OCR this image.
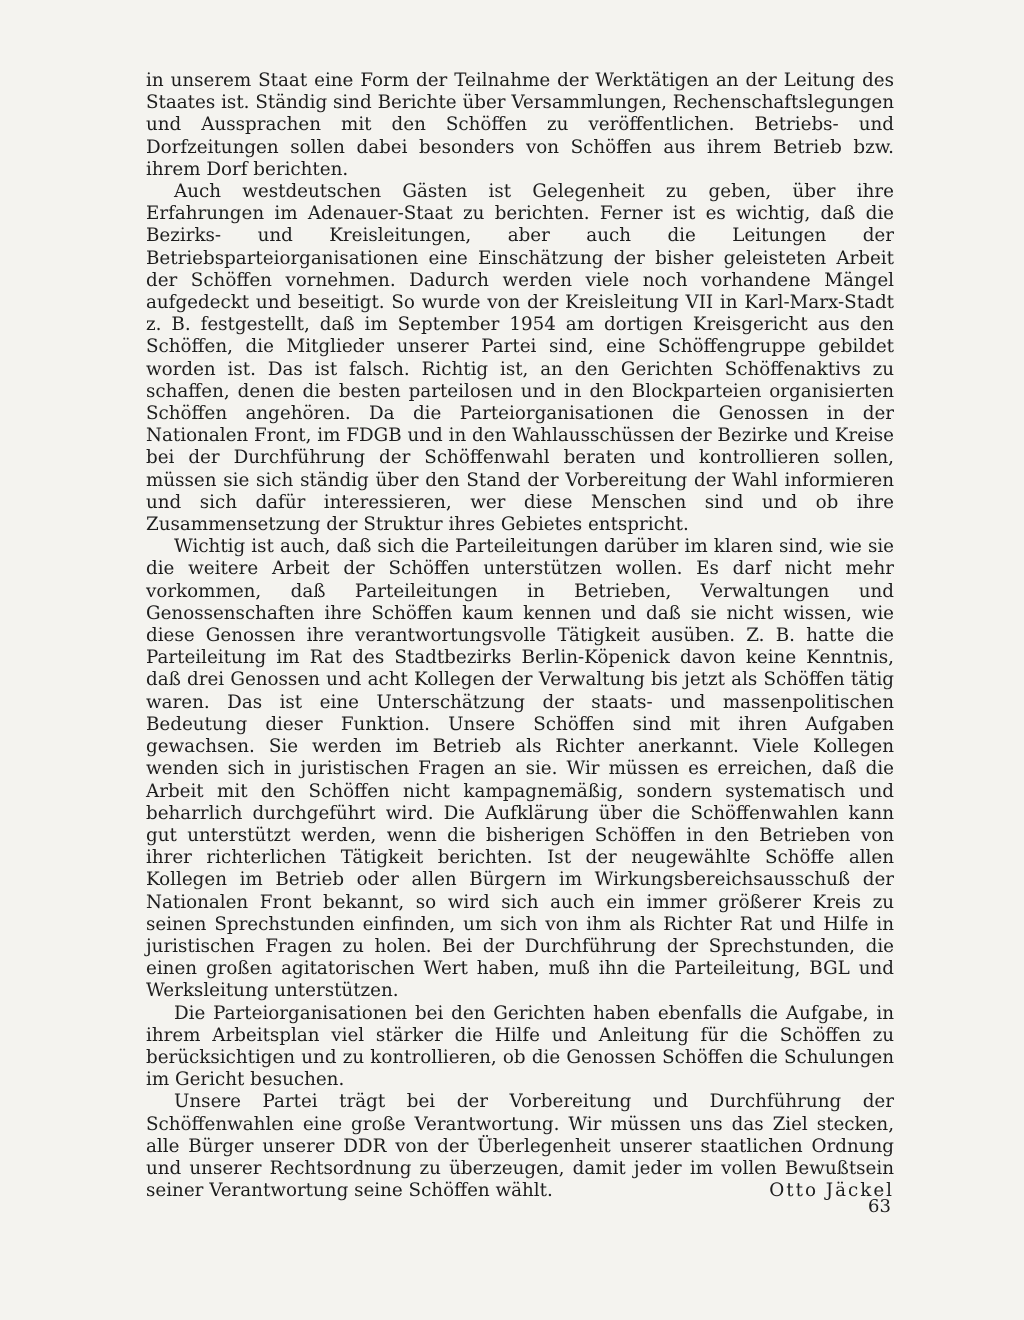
in unserem Staat eine Form der Teilnahme der Werktätigen an der Leitung des Staates ist. Ständig sind Berichte über Versammlungen, Rechenschaftslegungen und Aussprachen mit den Schöffen zu veröffentlichen. Betriebs- und Dorfzeitungen sollen dabei besonders von Schöffen aus ihrem Betrieb bzw. ihrem Dorf berichten.

Auch westdeutschen Gästen ist Gelegenheit zu geben, über ihre Erfahrungen im Adenauer-Staat zu berichten. Ferner ist es wichtig, daß die Bezirks- und Kreisleitungen, aber auch die Leitungen der Betriebsparteiorganisationen eine Einschätzung der bisher geleisteten Arbeit der Schöffen vornehmen. Dadurch werden viele noch vorhandene Mängel aufgedeckt und beseitigt. So wurde von der Kreisleitung VII in Karl-Marx-Stadt z. B. festgestellt, daß im September 1954 am dortigen Kreisgericht aus den Schöffen, die Mitglieder unserer Partei sind, eine Schöffengruppe gebildet worden ist. Das ist falsch. Richtig ist, an den Gerichten Schöffenaktivs zu schaffen, denen die besten parteilosen und in den Blockparteien organisierten Schöffen angehören. Da die Parteiorganisationen die Genossen in der Nationalen Front, im FDGB und in den Wahlausschüssen der Bezirke und Kreise bei der Durchführung der Schöffenwahl beraten und kontrollieren sollen, müssen sie sich ständig über den Stand der Vorbereitung der Wahl informieren und sich dafür interessieren, wer diese Menschen sind und ob ihre Zusammensetzung der Struktur ihres Gebietes entspricht.

Wichtig ist auch, daß sich die Parteileitungen darüber im klaren sind, wie sie die weitere Arbeit der Schöffen unterstützen wollen. Es darf nicht mehr vorkommen, daß Parteileitungen in Betrieben, Verwaltungen und Genossenschaften ihre Schöffen kaum kennen und daß sie nicht wissen, wie diese Genossen ihre verantwortungsvolle Tätigkeit ausüben. Z. B. hatte die Parteileitung im Rat des Stadtbezirks Berlin-Köpenick davon keine Kenntnis, daß drei Genossen und acht Kollegen der Verwaltung bis jetzt als Schöffen tätig waren. Das ist eine Unterschätzung der staats- und massenpolitischen Bedeutung dieser Funktion. Unsere Schöffen sind mit ihren Aufgaben gewachsen. Sie werden im Betrieb als Richter anerkannt. Viele Kollegen wenden sich in juristischen Fragen an sie. Wir müssen es erreichen, daß die Arbeit mit den Schöffen nicht kampagnemäßig, sondern systematisch und beharrlich durchgeführt wird. Die Aufklärung über die Schöffenwahlen kann gut unterstützt werden, wenn die bisherigen Schöffen in den Betrieben von ihrer richterlichen Tätigkeit berichten. Ist der neugewählte Schöffe allen Kollegen im Betrieb oder allen Bürgern im Wirkungsbereichsausschuß der Nationalen Front bekannt, so wird sich auch ein immer größerer Kreis zu seinen Sprechstunden einfinden, um sich von ihm als Richter Rat und Hilfe in juristischen Fragen zu holen. Bei der Durchführung der Sprechstunden, die einen großen agitatorischen Wert haben, muß ihn die Parteileitung, BGL und Werksleitung unterstützen.

Die Parteiorganisationen bei den Gerichten haben ebenfalls die Aufgabe, in ihrem Arbeitsplan viel stärker die Hilfe und Anleitung für die Schöffen zu berücksichtigen und zu kontrollieren, ob die Genossen Schöffen die Schulungen im Gericht besuchen.

Unsere Partei trägt bei der Vorbereitung und Durchführung der Schöffenwahlen eine große Verantwortung. Wir müssen uns das Ziel stecken, alle Bürger unserer DDR von der Überlegenheit unserer staatlichen Ordnung und unserer Rechtsordnung zu überzeugen, damit jeder im vollen Bewußtsein seiner Verantwortung seine Schöffen wählt.	Otto Jäckel
63
